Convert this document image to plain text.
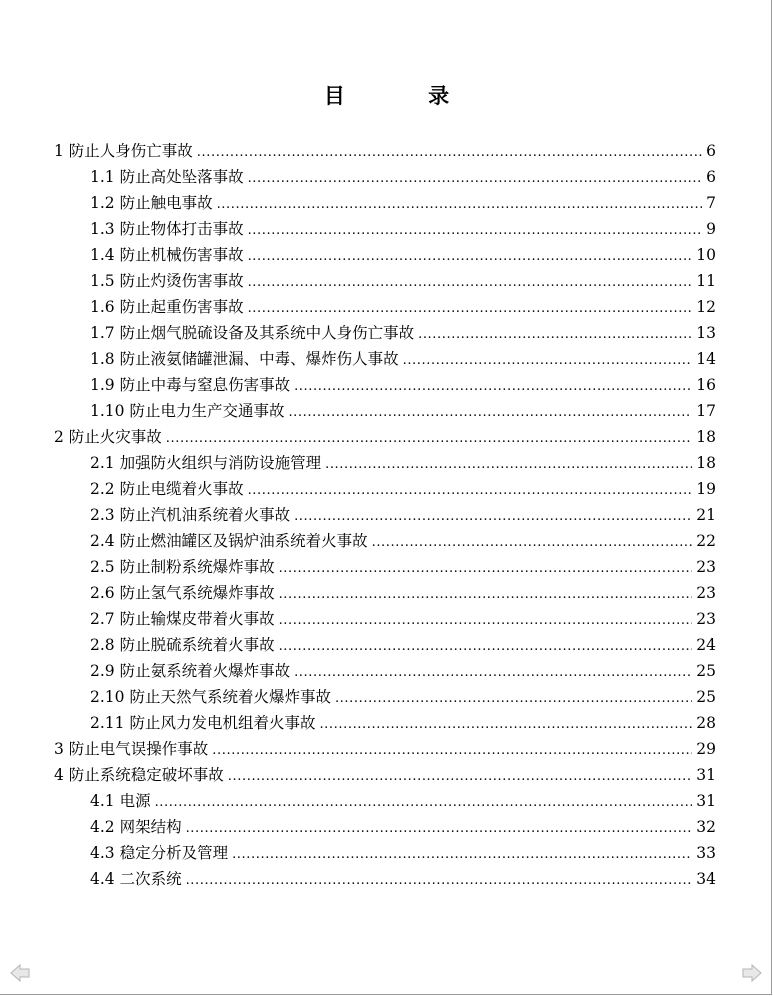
目 录
1 防止人身伤亡事故 .....	6
1.1 防止高处坠落事故 .....	6
1.2 防止触电事故 .....	7
1.3 防止物体打击事故 .....	9
1.4 防止机械伤害事故 .....	10
1.5 防止灼烫伤害事故 .....	11
1.6 防止起重伤害事故 .....	12
1.7 防止烟气脱硫设备及其系统中人身伤亡事故 .....	13
1.8 防止液氨储罐泄漏、中毒、爆炸伤人事故 .....	14
1.9 防止中毒与窒息伤害事故 .....	16
1.10 防止电力生产交通事故 .....	17
2 防止火灾事故 .....	18
2.1 加强防火组织与消防设施管理 .....	18
2.2 防止电缆着火事故 .....	19
2.3 防止汽机油系统着火事故 .....	21
2.4 防止燃油罐区及锅炉油系统着火事故 .....	22
2.5 防止制粉系统爆炸事故 .....	23
2.6 防止氢气系统爆炸事故 .....	23
2.7 防止输煤皮带着火事故 .....	23
2.8 防止脱硫系统着火事故 .....	24
2.9 防止氨系统着火爆炸事故 .....	25
2.10 防止天然气系统着火爆炸事故 .....	25
2.11 防止风力发电机组着火事故 .....	28
3 防止电气误操作事故 .....	29
4 防止系统稳定破坏事故 .....	31
4.1 电源 .....	31
4.2 网架结构 .....	32
4.3 稳定分析及管理 .....	33
4.4 二次系统 .....	34
